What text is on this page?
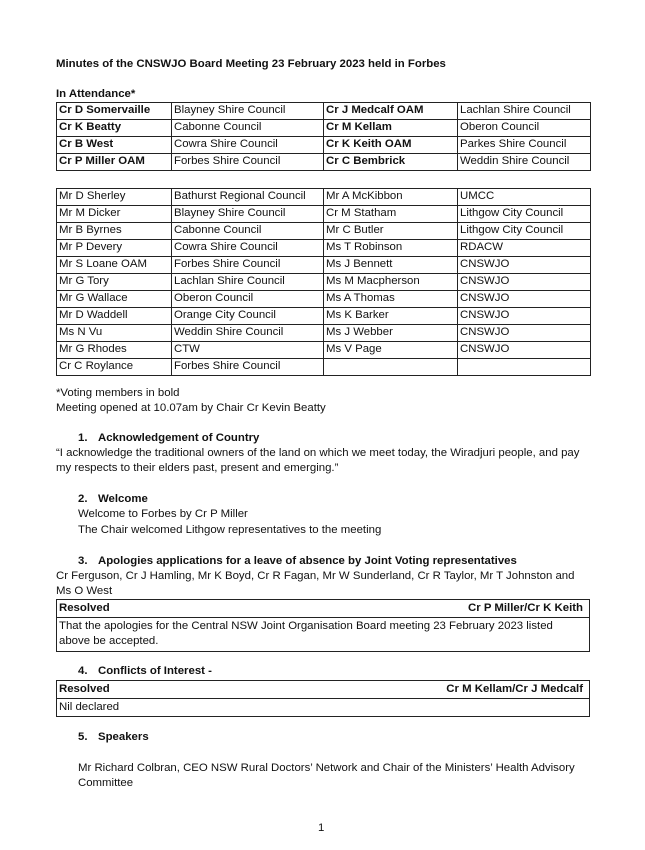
Minutes of the CNSWJO Board Meeting 23 February 2023 held in Forbes
In Attendance*
Cr D Somervaille	Blayney Shire Council	Cr J Medcalf OAM	Lachlan Shire Council
Cr K Beatty	Cabonne Council	Cr M Kellam	Oberon Council
Cr B West	Cowra Shire Council	Cr K Keith OAM	Parkes Shire Council
Cr P Miller OAM	Forbes Shire Council	Cr C Bembrick	Weddin Shire Council
Mr D Sherley	Bathurst Regional Council	Mr A McKibbon	UMCC
Mr M Dicker	Blayney Shire Council	Cr M Statham	Lithgow City Council
Mr B Byrnes	Cabonne Council	Mr C Butler	Lithgow City Council
Mr P Devery	Cowra Shire Council	Ms T Robinson	RDACW
Mr S Loane OAM	Forbes Shire Council	Ms J Bennett	CNSWJO
Mr G Tory	Lachlan Shire Council	Ms M Macpherson	CNSWJO
Mr G Wallace	Oberon Council	Ms A Thomas	CNSWJO
Mr D Waddell	Orange City Council	Ms K Barker	CNSWJO
Ms N Vu	Weddin Shire Council	Ms J Webber	CNSWJO
Mr G Rhodes	CTW	Ms V Page	CNSWJO
Cr C Roylance	Forbes Shire Council		
*Voting members in bold
Meeting opened at 10.07am by Chair Cr Kevin Beatty
1. Acknowledgement of Country
“I acknowledge the traditional owners of the land on which we meet today, the Wiradjuri people, and pay my respects to their elders past, present and emerging.”
2. Welcome
Welcome to Forbes by Cr P Miller
The Chair welcomed Lithgow representatives to the meeting
3. Apologies applications for a leave of absence by Joint Voting representatives
Cr Ferguson, Cr J Hamling, Mr K Boyd, Cr R Fagan, Mr W Sunderland, Cr R Taylor, Mr T Johnston and Ms O West
Resolved	Cr P Miller/Cr K Keith
That the apologies for the Central NSW Joint Organisation Board meeting 23 February 2023 listed above be accepted.
4. Conflicts of Interest -
Resolved	Cr M Kellam/Cr J Medcalf
Nil declared
5. Speakers
Mr Richard Colbran, CEO NSW Rural Doctors’ Network and Chair of the Ministers’ Health Advisory Committee
1
